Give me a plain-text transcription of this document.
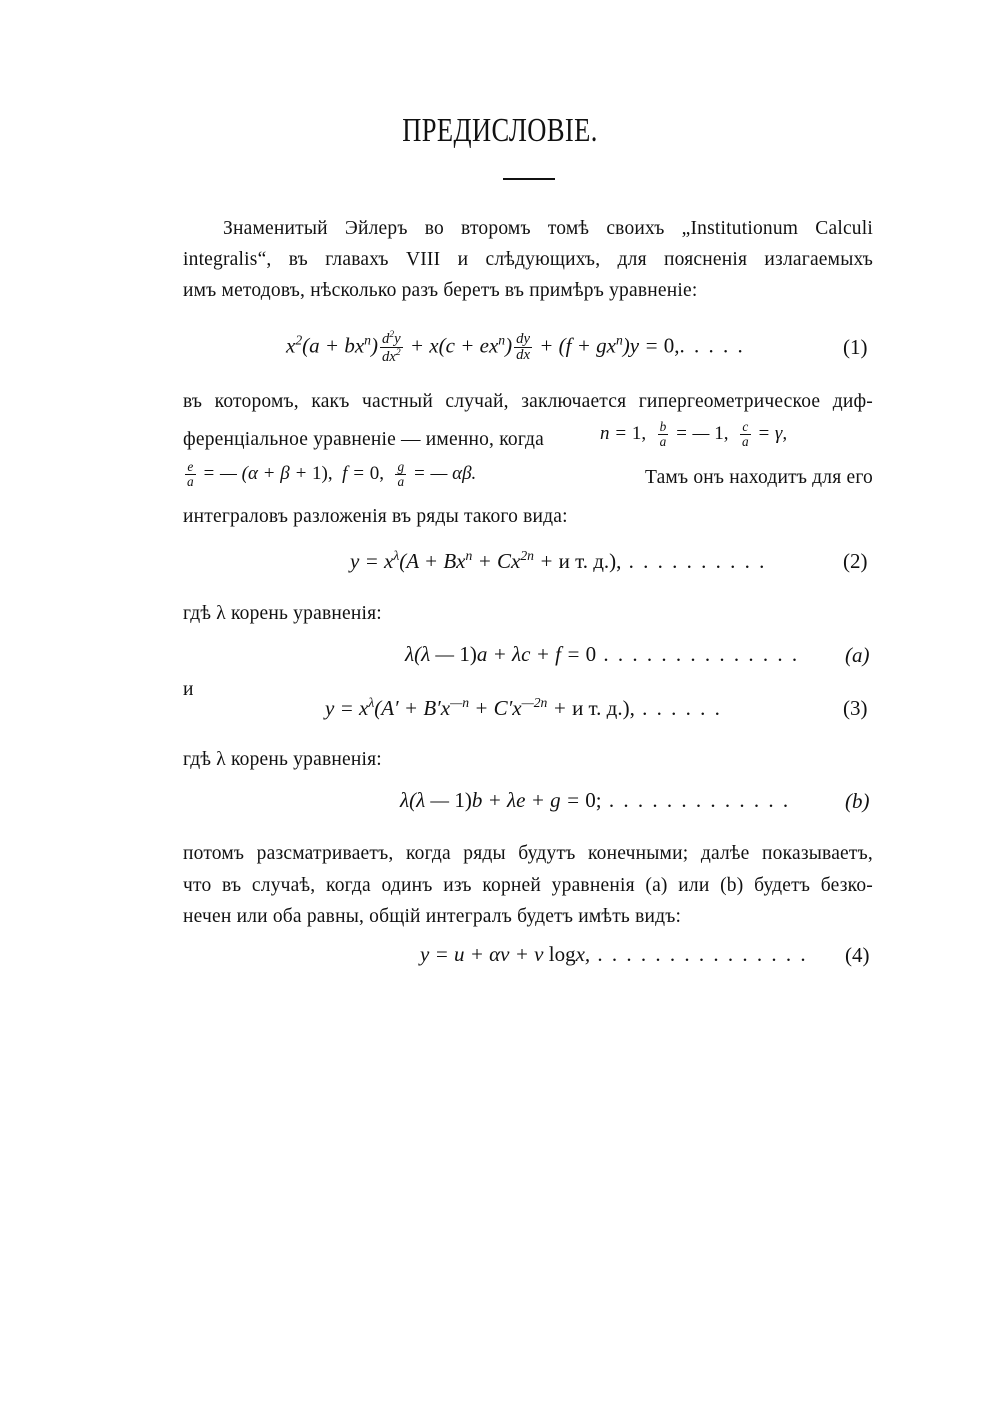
ПРЕДИСЛОВІЕ.
Знаменитый Эйлеръ во второмъ томѣ своихъ „Institutionum Calculi
integralis“, въ главахъ VIII и слѣдующихъ, для поясненія излагаемыхъ
имъ методовъ, нѣсколько разъ беретъ въ примѣръ уравненіе:
$x^2(a + bx^n) \frac{d^2y}{dx^2} + x(c + ex^n) \frac{dy}{dx} + (f + gx^n)y = 0$,. . . . .	(1)
въ которомъ, какъ частный случай, заключается гипергеометрическое диф-
ференціальное уравненіе — именно, когда	n = 1, $\frac{b}{a}$ = — 1, $\frac{c}{a} = \gamma$,
$\frac{e}{a}$ = — (α + β + 1),  f = 0, $\frac{g}{a}$ = — αβ.	Тамъ онъ находитъ для его
интеграловъ разложенія въ ряды такого вида:
$y = x^\lambda(A + Bx^n + Cx^{2n} + и$ т. д.), . . . . . . . . . .	(2)
гдѣ λ корень уравненія:
λ(λ — 1)a + λc + f = 0 . . . . . . . . . . . . . . (a)
и
$y = x^\lambda(A' + B'x^{—n} + C'x^{—2n} + и$ т. д.), . . . . . .	(3)
гдѣ λ корень уравненія:
λ(λ — 1)b + λe + g = 0; . . . . . . . . . . . . .	(b)
потомъ разсматриваетъ, когда ряды будутъ конечными; далѣе показываетъ,
что въ случаѣ, когда одинъ изъ корней уравненія (a) или (b) будетъ безко-
нечен или оба равны, общій интегралъ будетъ имѣть видъ:
y = u + αv + v logx, . . . . . . . . . . . . . . . (4)
